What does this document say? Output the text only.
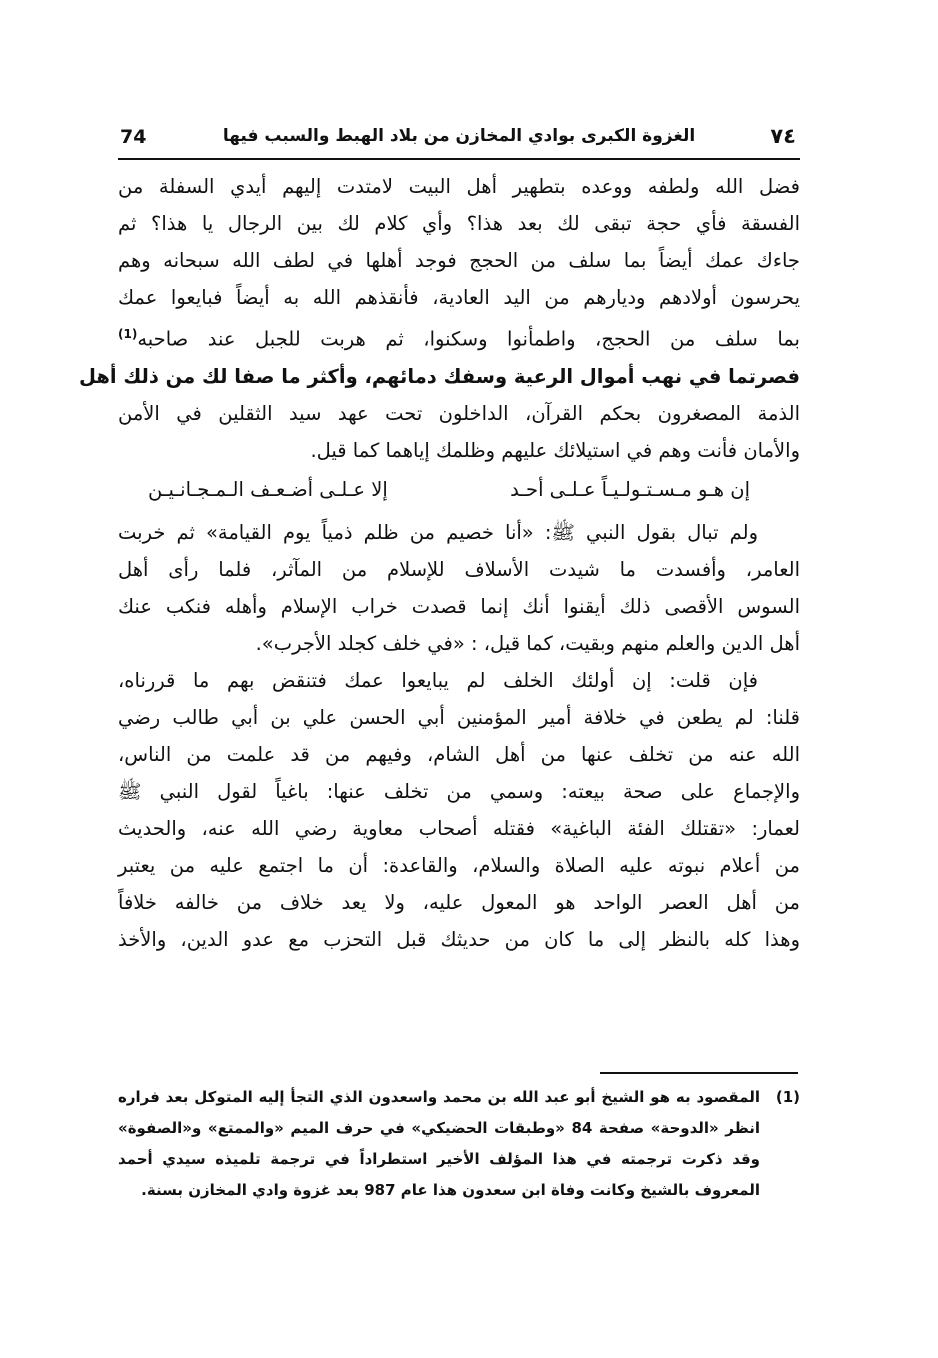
74	الغزوة الكبرى بوادي المخازن من بلاد الهبط والسبب فيها	٧٤

فضل الله ولطفه ووعده بتطهير أهل البيت لامتدت إليهم أيدي السفلة من
الفسقة فأي حجة تبقى لك بعد هذا؟ وأي كلام لك بين الرجال يا هذا؟ ثم
جاءك عمك أيضاً بما سلف من الحجج فوجد أهلها في لطف الله سبحانه وهم
يحرسون أولادهم وديارهم من اليد العادية، فأنقذهم الله به أيضاً فبايعوا عمك
بما سلف من الحجج، واطمأنوا وسكنوا، ثم هربت للجبل عند صاحبه$^{(1)}$
فصرتما في نهب أموال الرعية وسفك دمائهم، وأكثر ما صفا لك من ذلك أهل
الذمة المصغرون بحكم القرآن، الداخلون تحت عهد سيد الثقلين في الأمن
والأمان فأنت وهم في استيلائك عليهم وظلمك إياهما كما قيل.

إن هـو مـسـتـولـيـاً عـلـى أحـد
إلا عـلـى أضـعـف الـمـجـانـيـن

ولم تبال بقول النبي ﷺ: «أنا خصيم من ظلم ذمياً يوم القيامة» ثم خربت
العامر، وأفسدت ما شيدت الأسلاف للإسلام من المآثر، فلما رأى أهل
السوس الأقصى ذلك أيقنوا أنك إنما قصدت خراب الإسلام وأهله فنكب عنك
أهل الدين والعلم منهم وبقيت، كما قيل، : «في خلف كجلد الأجرب».

فإن قلت: إن أولئك الخلف لم يبايعوا عمك فتنقض بهم ما قررناه،
قلنا: لم يطعن في خلافة أمير المؤمنين أبي الحسن علي بن أبي طالب رضي
الله عنه من تخلف عنها من أهل الشام، وفيهم من قد علمت من الناس،
والإجماع على صحة بيعته: وسمي من تخلف عنها: باغياً لقول النبي ﷺ
لعمار: «تقتلك الفئة الباغية» فقتله أصحاب معاوية رضي الله عنه، والحديث
من أعلام نبوته عليه الصلاة والسلام، والقاعدة: أن ما اجتمع عليه من يعتبر
من أهل العصر الواحد هو المعول عليه، ولا يعد خلاف من خالفه خلافاً
وهذا كله بالنظر إلى ما كان من حديثك قبل التحزب مع عدو الدين، والأخذ

(1)المقصود به هو الشيخ أبو عبد الله بن محمد واسعدون الذي التجأ إليه المتوكل بعد فراره
انظر «الدوحة» صفحة 84 «وطبقات الحضيكي» في حرف الميم «والممتع» و«الصفوة»
وقد ذكرت ترجمته في هذا المؤلف الأخير استطراداً في ترجمة تلميذه سيدي أحمد
المعروف بالشيخ وكانت وفاة ابن سعدون هذا عام 987 بعد غزوة وادي المخازن بسنة.
